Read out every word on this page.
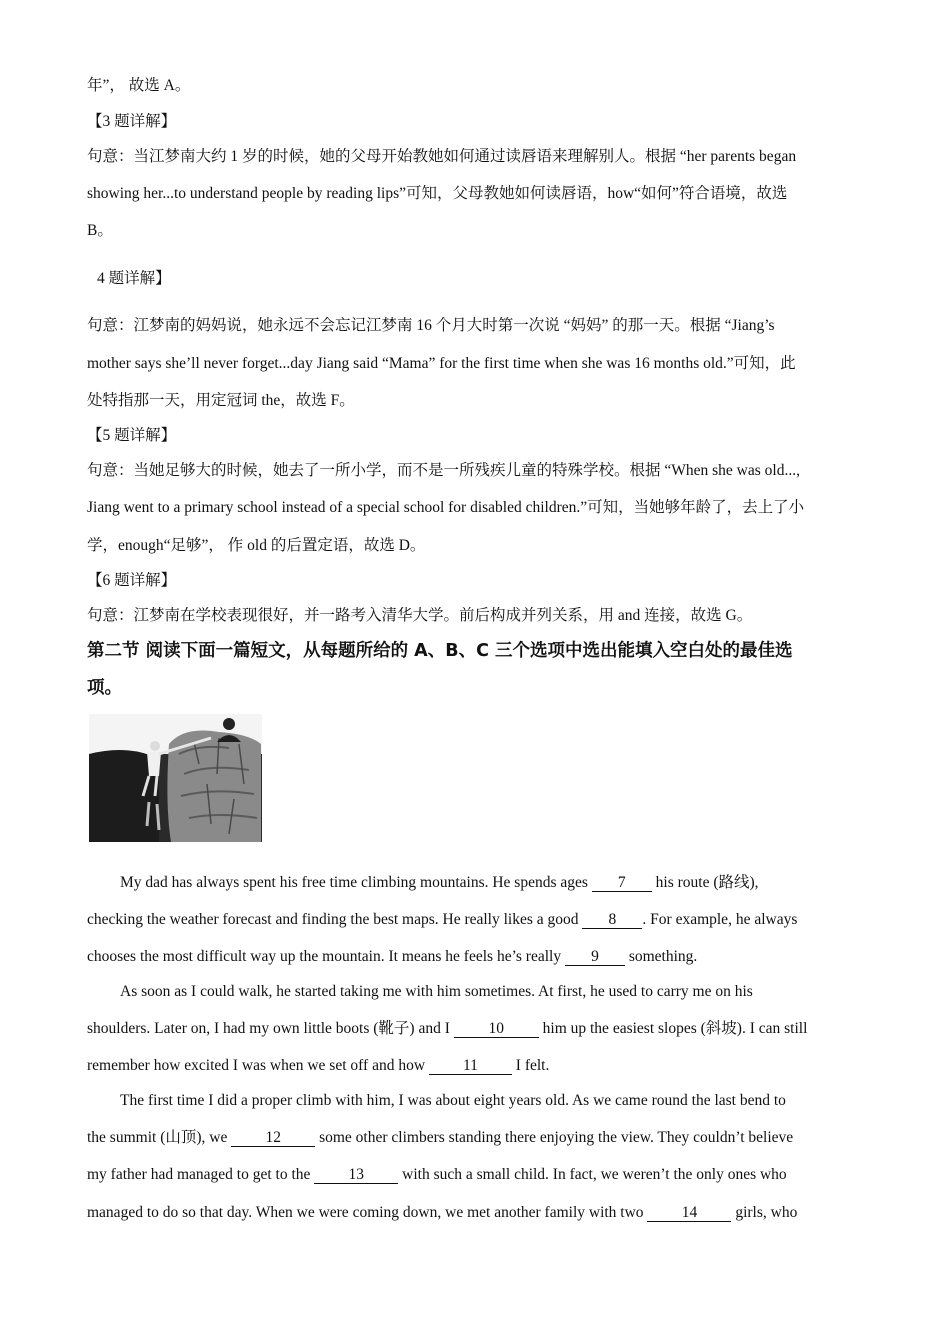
年”， 故选 A。
【3 题详解】
句意：当江梦南大约 1 岁的时候，她的父母开始教她如何通过读唇语来理解别人。根据 “her parents began
showing her...to understand people by reading lips”可知，父母教她如何读唇语，how“如何”符合语境，故选
B。
4 题详解】
句意：江梦南的妈妈说，她永远不会忘记江梦南 16 个月大时第一次说 “妈妈” 的那一天。根据 “Jiang’s
mother says she’ll never forget...day Jiang said “Mama” for the first time when she was 16 months old.”可知，此
处特指那一天，用定冠词 the，故选 F。
【5 题详解】
句意：当她足够大的时候，她去了一所小学，而不是一所残疾儿童的特殊学校。根据 “When she was old...,
Jiang went to a primary school instead of a special school for disabled children.”可知，当她够年龄了，去上了小
学，enough“足够”， 作 old 的后置定语，故选 D。
【6 题详解】
句意：江梦南在学校表现很好，并一路考入清华大学。前后构成并列关系，用 and 连接，故选 G。
第二节 阅读下面一篇短文，从每题所给的 A、B、C 三个选项中选出能填入空白处的最佳选
项。
My dad has always spent his free time climbing mountains. He spends ages 7 his route (路线),
checking the weather forecast and finding the best maps. He really likes a good 8 . For example, he always
chooses the most difficult way up the mountain. It means he feels he’s really 9 something.
As soon as I could walk, he started taking me with him sometimes. At first, he used to carry me on his
shoulders. Later on, I had my own little boots (靴子) and I 10 him up the easiest slopes (斜坡). I can still
remember how excited I was when we set off and how 11 I felt.
The first time I did a proper climb with him, I was about eight years old. As we came round the last bend to
the summit (山顶), we 12 some other climbers standing there enjoying the view. They couldn’t believe
my father had managed to get to the 13 with such a small child. In fact, we weren’t the only ones who
managed to do so that day. When we were coming down, we met another family with two 14 girls, who
